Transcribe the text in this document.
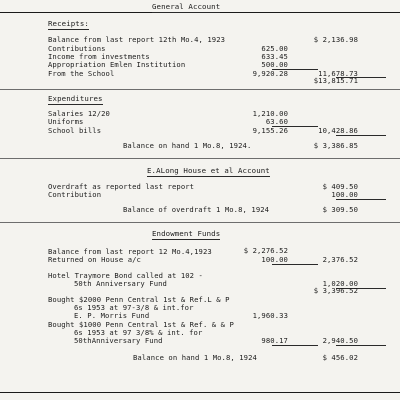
General Account
Receipts:
Balance from last report 12th Mo.4, 1923	$ 2,136.98
Contributions	625.00
Income from investments	633.45
Appropriation Emlen Institution	500.00
From the School	9,920.28	11,678.73
$13,815.71
Expenditures
Salaries 12/20	1,210.00
Uniforms	63.60
School bills	9,155.26	10,428.86
Balance on hand 1 Mo.8, 1924.	$ 3,386.85
E.ALong House et al Account
Overdraft as reported last report	$ 409.50
Contribution	100.00
Balance of overdraft 1 Mo.8, 1924	$ 309.50
Endowment Funds
Balance from last report 12 Mo.4,1923	$ 2,276.52
Returned on House a/c	100.00	2,376.52
Hotel Traymore Bond called at 102 -
50th Anniversary Fund	1,020.00
$ 3,396.52
Bought $2000 Penn Central 1st & Ref.L & P
6s 1953 at 97-3/8 & int.for
E. P. Morris Fund	1,960.33
Bought $1000 Penn Central 1st & Ref. & & P
6s 1953 at 97 3/8% & int. for
50thAnniversary Fund	980.17	2,940.50
Balance on hand 1 Mo.8, 1924	$ 456.02
